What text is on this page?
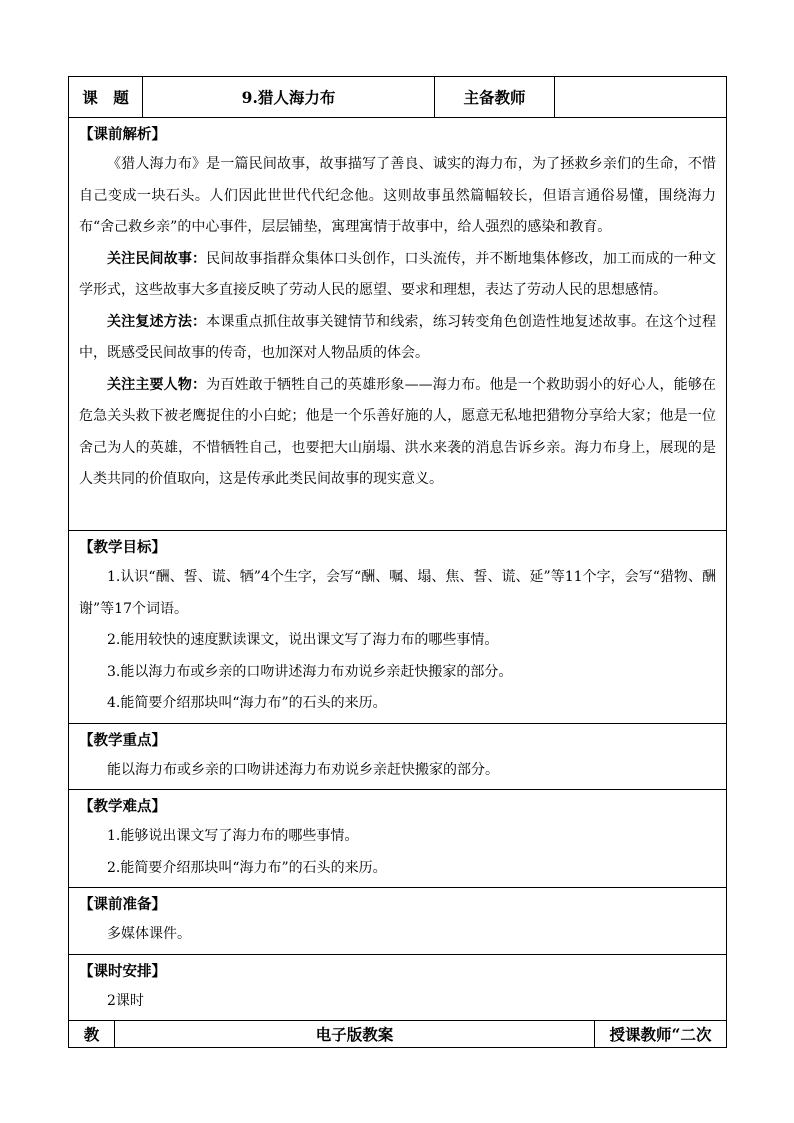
课　题	9.猎人海力布	主备教师	

【课前解析】

《猎人海力布》是一篇民间故事，故事描写了善良、诚实的海力布，为了拯救乡亲们的生命，不惜自己变成一块石头。人们因此世世代代纪念他。这则故事虽然篇幅较长，但语言通俗易懂，围绕海力布“舍己救乡亲”的中心事件，层层铺垫，寓理寓情于故事中，给人强烈的感染和教育。

关注民间故事：民间故事指群众集体口头创作，口头流传，并不断地集体修改，加工而成的一种文学形式，这些故事大多直接反映了劳动人民的愿望、要求和理想，表达了劳动人民的思想感情。

关注复述方法：本课重点抓住故事关键情节和线索，练习转变角色创造性地复述故事。在这个过程中，既感受民间故事的传奇，也加深对人物品质的体会。

关注主要人物：为百姓敢于牺牲自己的英雄形象——海力布。他是一个救助弱小的好心人，能够在危急关头救下被老鹰捉住的小白蛇；他是一个乐善好施的人，愿意无私地把猎物分享给大家；他是一位舍己为人的英雄，不惜牺牲自己，也要把大山崩塌、洪水来袭的消息告诉乡亲。海力布身上，展现的是人类共同的价值取向，这是传承此类民间故事的现实意义。

【教学目标】

1.认识“酬、誓、谎、牺”4个生字，会写“酬、嘱、塌、焦、誓、谎、延”等11个字，会写“猎物、酬谢”等17个词语。

2.能用较快的速度默读课文，说出课文写了海力布的哪些事情。

3.能以海力布或乡亲的口吻讲述海力布劝说乡亲赶快搬家的部分。

4.能简要介绍那块叫“海力布”的石头的来历。

【教学重点】

能以海力布或乡亲的口吻讲述海力布劝说乡亲赶快搬家的部分。

【教学难点】

1.能够说出课文写了海力布的哪些事情。

2.能简要介绍那块叫“海力布”的石头的来历。

【课前准备】

多媒体课件。

【课时安排】

2课时

教	电子版教案	授课教师“二次
